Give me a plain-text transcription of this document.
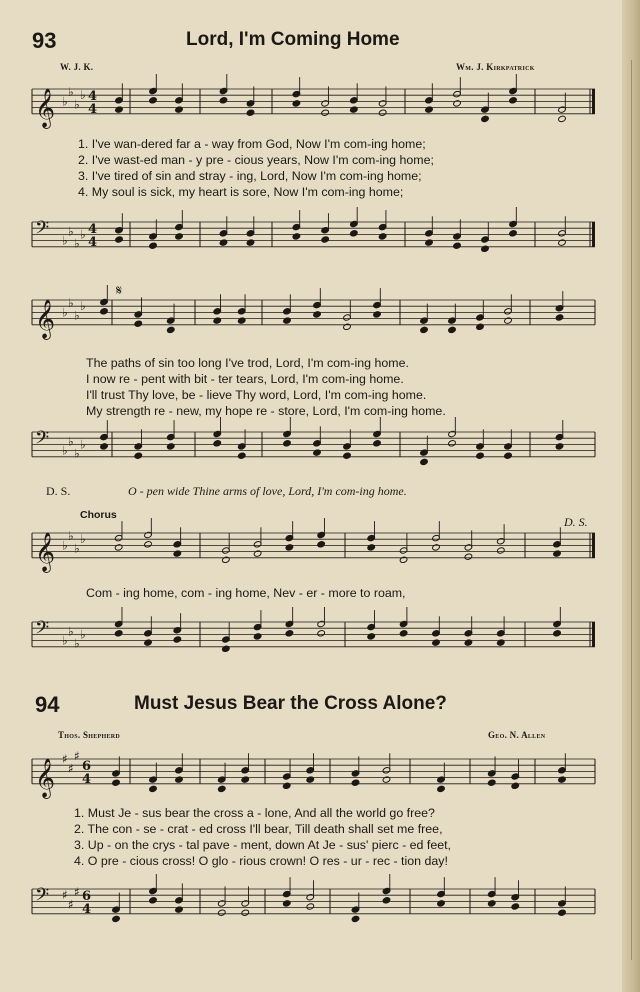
93	Lord, I'm Coming Home
W. J. K.	Wm. J. Kirkpatrick
𝄞 ♭
♭
♭
♭ 4
4
1. I've wan-dered far a - way from God, Now I'm com-ing home;
2. I've wast-ed man - y pre - cious years, Now I'm com-ing home;
3. I've tired of sin and stray - ing, Lord, Now I'm com-ing home;
4. My soul is sick, my heart is sore, Now I'm com-ing home;
𝄢 ♭
♭
♭
♭ 4
4
𝄞 ♭
♭
♭
♭
𝄋
The paths of sin too long I've trod, Lord, I'm com-ing home.
I now re - pent with bit - ter tears, Lord, I'm com-ing home.
I'll trust Thy love, be - lieve Thy word, Lord, I'm com-ing home.
My strength re - new, my hope re - store, Lord, I'm com-ing home.
𝄢 ♭
♭
♭
♭
D. S.	O - pen wide Thine arms of love, Lord, I'm com-ing home.
Chorus	D. S.
𝄞 ♭
♭
♭
♭
Com - ing home, com - ing home, Nev - er - more to roam,
𝄢 ♭
♭
♭
♭
94	Must Jesus Bear the Cross Alone?
Thos. Shepherd	Geo. N. Allen
𝄞 ♯
♯
♯
6
4
1. Must Je - sus bear the cross a - lone, And all the world go free?
2. The con - se - crat - ed cross I'll bear, Till death shall set me free,
3. Up - on the crys - tal pave - ment, down At Je - sus' pierc - ed feet,
4. O pre - cious cross! O glo - rious crown! O res - ur - rec - tion day!
𝄢 ♯
♯
♯ 6
4
